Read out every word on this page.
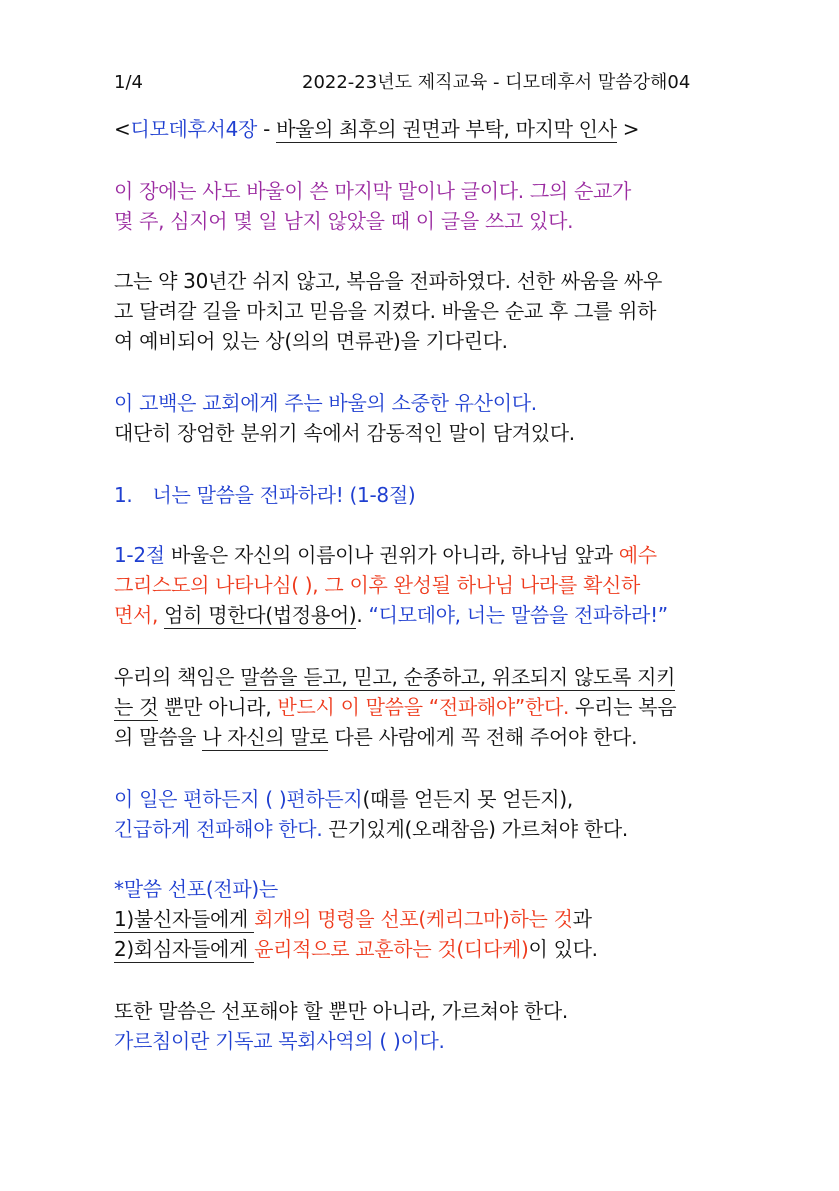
1/4	2022-23년도 제직교육 - 디모데후서 말씀강해04
<디모데후서4장 - 바울의 최후의 권면과 부탁, 마지막 인사 >
이 장에는 사도 바울이 쓴 마지막 말이나 글이다. 그의 순교가
몇 주, 심지어 몇 일 남지 않았을 때 이 글을 쓰고 있다.
그는 약 30년간 쉬지 않고, 복음을 전파하였다. 선한 싸움을 싸우
고 달려갈 길을 마치고 믿음을 지켰다. 바울은 순교 후 그를 위하
여 예비되어 있는 상(의의 면류관)을 기다린다.
이 고백은 교회에게 주는 바울의 소중한 유산이다.
대단히 장엄한 분위기 속에서 감동적인 말이 담겨있다.
1. 너는 말씀을 전파하라! (1-8절)
1-2절 바울은 자신의 이름이나 권위가 아니라, 하나님 앞과 예수
그리스도의 나타나심( ), 그 이후 완성될 하나님 나라를 확신하
면서, 엄히 명한다(법정용어). “디모데야, 너는 말씀을 전파하라!”
우리의 책임은 말씀을 듣고, 믿고, 순종하고, 위조되지 않도록 지키
는 것 뿐만 아니라, 반드시 이 말씀을 “전파해야”한다. 우리는 복음
의 말씀을 나 자신의 말로 다른 사람에게 꼭 전해 주어야 한다.
이 일은 편하든지 ( )편하든지(때를 얻든지 못 얻든지),
긴급하게 전파해야 한다. 끈기있게(오래참음) 가르쳐야 한다.
*말씀 선포(전파)는
1)불신자들에게 회개의 명령을 선포(케리그마)하는 것과
2)회심자들에게 윤리적으로 교훈하는 것(디다케)이 있다.
또한 말씀은 선포해야 할 뿐만 아니라, 가르쳐야 한다.
가르침이란 기독교 목회사역의 ( )이다.
